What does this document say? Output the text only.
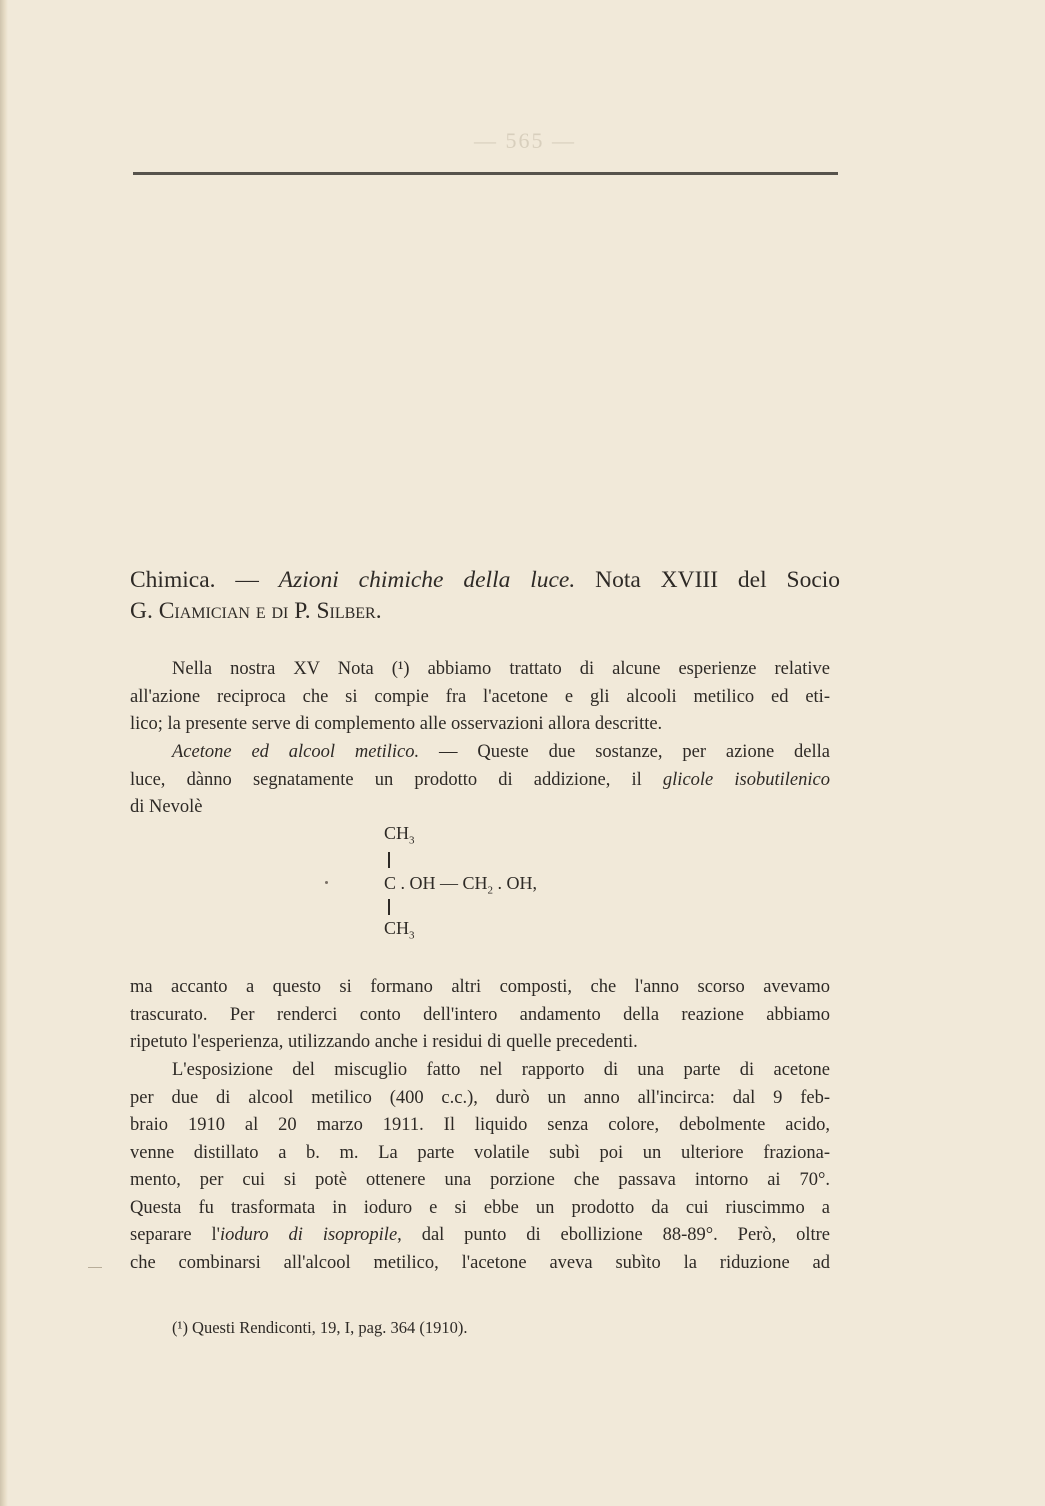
— 565 —
Chimica. — Azioni chimiche della luce. Nota XVIII del Socio
G. Ciamician e di P. Silber.
Nella nostra XV Nota (¹) abbiamo trattato di alcune esperienze relative
all'azione reciproca che si compie fra l'acetone e gli alcooli metilico ed eti-
lico; la presente serve di complemento alle osservazioni allora descritte.
Acetone ed alcool metilico. — Queste due sostanze, per azione della
luce, dànno segnatamente un prodotto di addizione, il glicole isobutilenico
di Nevolè
$CH_3$
C . OH — $CH_2$ . OH,
$CH_3$
ma accanto a questo si formano altri composti, che l'anno scorso avevamo
trascurato. Per renderci conto dell'intero andamento della reazione abbiamo
ripetuto l'esperienza, utilizzando anche i residui di quelle precedenti.
L'esposizione del miscuglio fatto nel rapporto di una parte di acetone
per due di alcool metilico (400 c.c.), durò un anno all'incirca: dal 9 feb-
braio 1910 al 20 marzo 1911. Il liquido senza colore, debolmente acido,
venne distillato a b. m. La parte volatile subì poi un ulteriore fraziona-
mento, per cui si potè ottenere una porzione che passava intorno ai 70°.
Questa fu trasformata in ioduro e si ebbe un prodotto da cui riuscimmo a
separare l'ioduro di isopropile, dal punto di ebollizione 88-89°. Però, oltre
che combinarsi all'alcool metilico, l'acetone aveva subìto la riduzione ad
(¹) Questi Rendiconti, 19, I, pag. 364 (1910).
